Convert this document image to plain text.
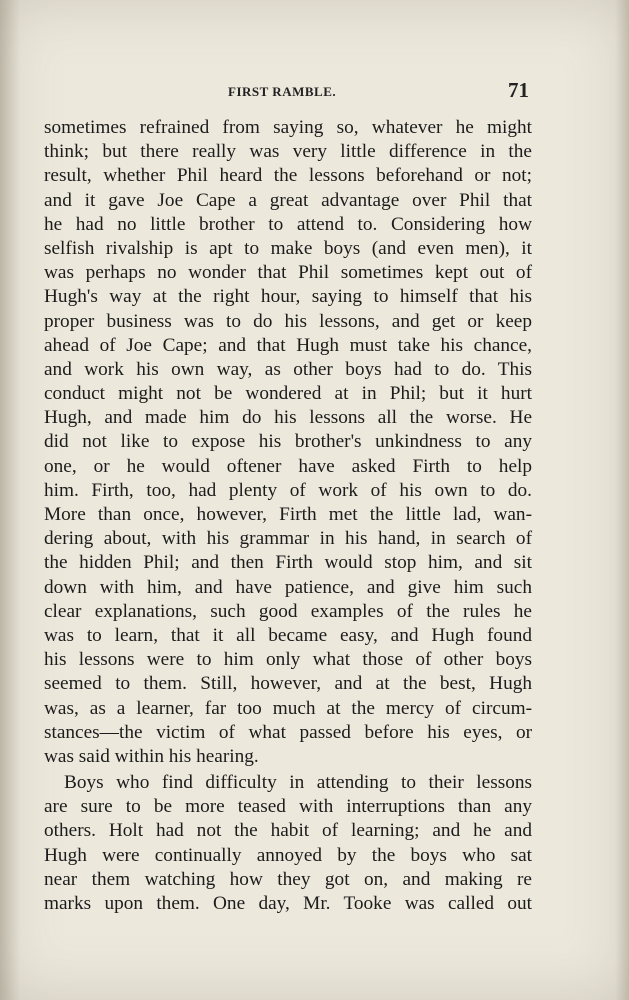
FIRST RAMBLE.	71
sometimes refrained from saying so, whatever he might
think; but there really was very little difference in the
result, whether Phil heard the lessons beforehand or not;
and it gave Joe Cape a great advantage over Phil that
he had no little brother to attend to. Considering how
selfish rivalship is apt to make boys (and even men), it
was perhaps no wonder that Phil sometimes kept out of
Hugh's way at the right hour, saying to himself that his
proper business was to do his lessons, and get or keep
ahead of Joe Cape; and that Hugh must take his chance,
and work his own way, as other boys had to do. This
conduct might not be wondered at in Phil; but it hurt
Hugh, and made him do his lessons all the worse. He
did not like to expose his brother's unkindness to any
one, or he would oftener have asked Firth to help
him. Firth, too, had plenty of work of his own to do.
More than once, however, Firth met the little lad, wan-
dering about, with his grammar in his hand, in search of
the hidden Phil; and then Firth would stop him, and sit
down with him, and have patience, and give him such
clear explanations, such good examples of the rules he
was to learn, that it all became easy, and Hugh found
his lessons were to him only what those of other boys
seemed to them. Still, however, and at the best, Hugh
was, as a learner, far too much at the mercy of circum-
stances—the victim of what passed before his eyes, or
was said within his hearing.
Boys who find difficulty in attending to their lessons
are sure to be more teased with interruptions than any
others. Holt had not the habit of learning; and he and
Hugh were continually annoyed by the boys who sat
near them watching how they got on, and making re
marks upon them. One day, Mr. Tooke was called out
